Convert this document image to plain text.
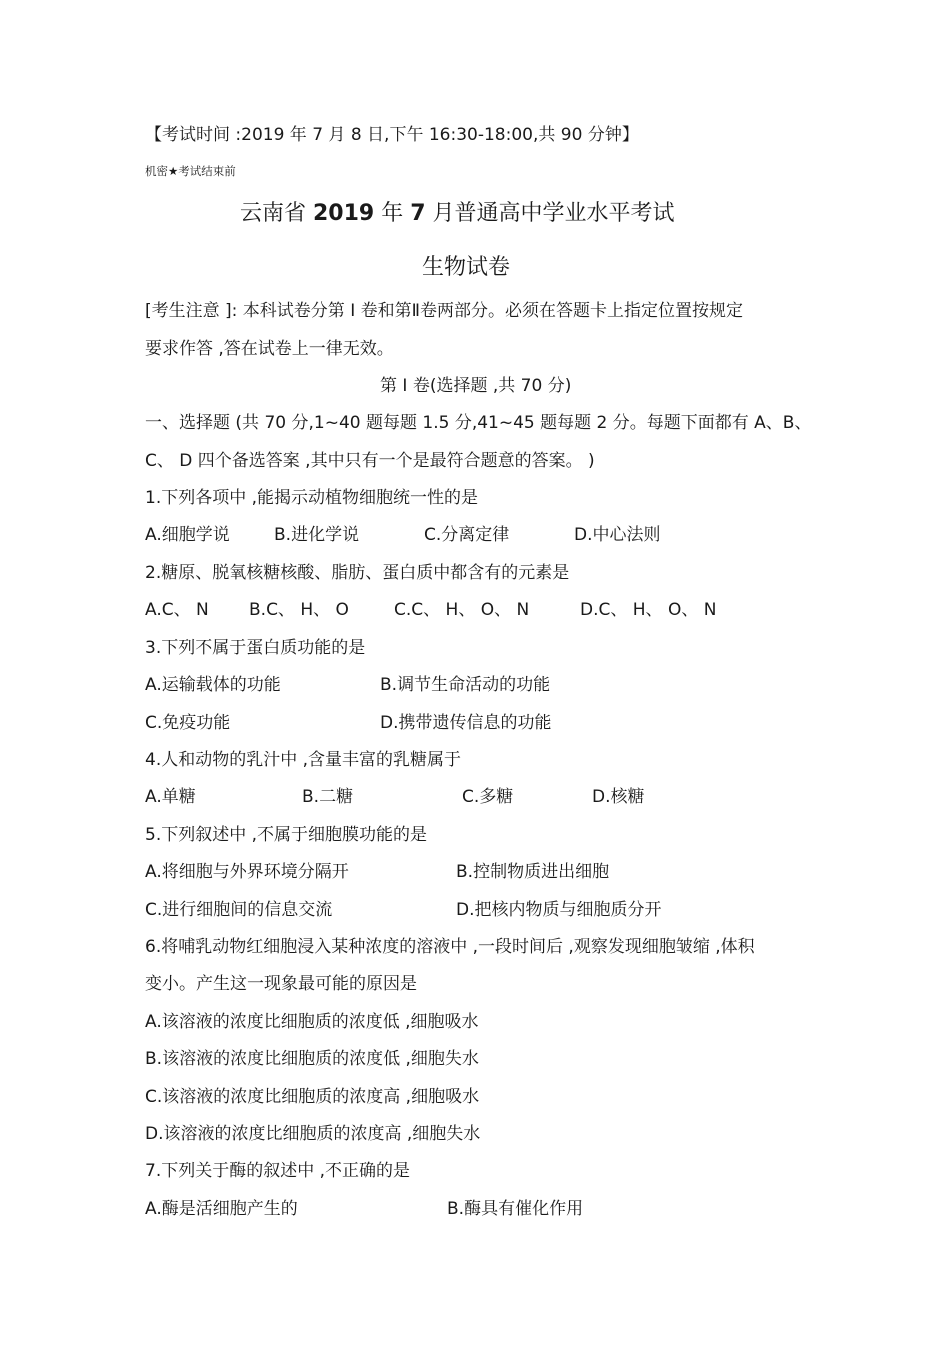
【考试时间 :2019 年 7 月 8 日,下午 16:30-18:00,共 90 分钟】
机密★考试结束前
云南省 2019 年 7 月普通高中学业水平考试
生物试卷
[考生注意 ]: 本科试卷分第 Ⅰ 卷和第Ⅱ卷两部分。必须在答题卡上指定位置按规定
要求作答 ,答在试卷上一律无效。
第 Ⅰ 卷(选择题 ,共 70 分)
一、选择题 (共 70 分,1~40 题每题 1.5 分,41~45 题每题 2 分。每题下面都有 A、B、
C、 D 四个备选答案 ,其中只有一个是最符合题意的答案。 )
1.下列各项中 ,能揭示动植物细胞统一性的是
A.细胞学说	B.进化学说	C.分离定律	D.中心法则
2.糖原、脱氧核糖核酸、脂肪、蛋白质中都含有的元素是
A.C、 N B.C、 H、 O	C.C、 H、 O、 N	D.C、 H、 O、 N
3.下列不属于蛋白质功能的是
A.运输载体的功能	B.调节生命活动的功能
C.免疫功能	D.携带遗传信息的功能
4.人和动物的乳汁中 ,含量丰富的乳糖属于
A.单糖	B.二糖	C.多糖	D.核糖
5.下列叙述中 ,不属于细胞膜功能的是
A.将细胞与外界环境分隔开	B.控制物质进出细胞
C.进行细胞间的信息交流	D.把核内物质与细胞质分开
6.将哺乳动物红细胞浸入某种浓度的溶液中 ,一段时间后 ,观察发现细胞皱缩 ,体积
变小。产生这一现象最可能的原因是
A.该溶液的浓度比细胞质的浓度低 ,细胞吸水
B.该溶液的浓度比细胞质的浓度低 ,细胞失水
C.该溶液的浓度比细胞质的浓度高 ,细胞吸水
D.该溶液的浓度比细胞质的浓度高 ,细胞失水
7.下列关于酶的叙述中 ,不正确的是
A.酶是活细胞产生的	B.酶具有催化作用
